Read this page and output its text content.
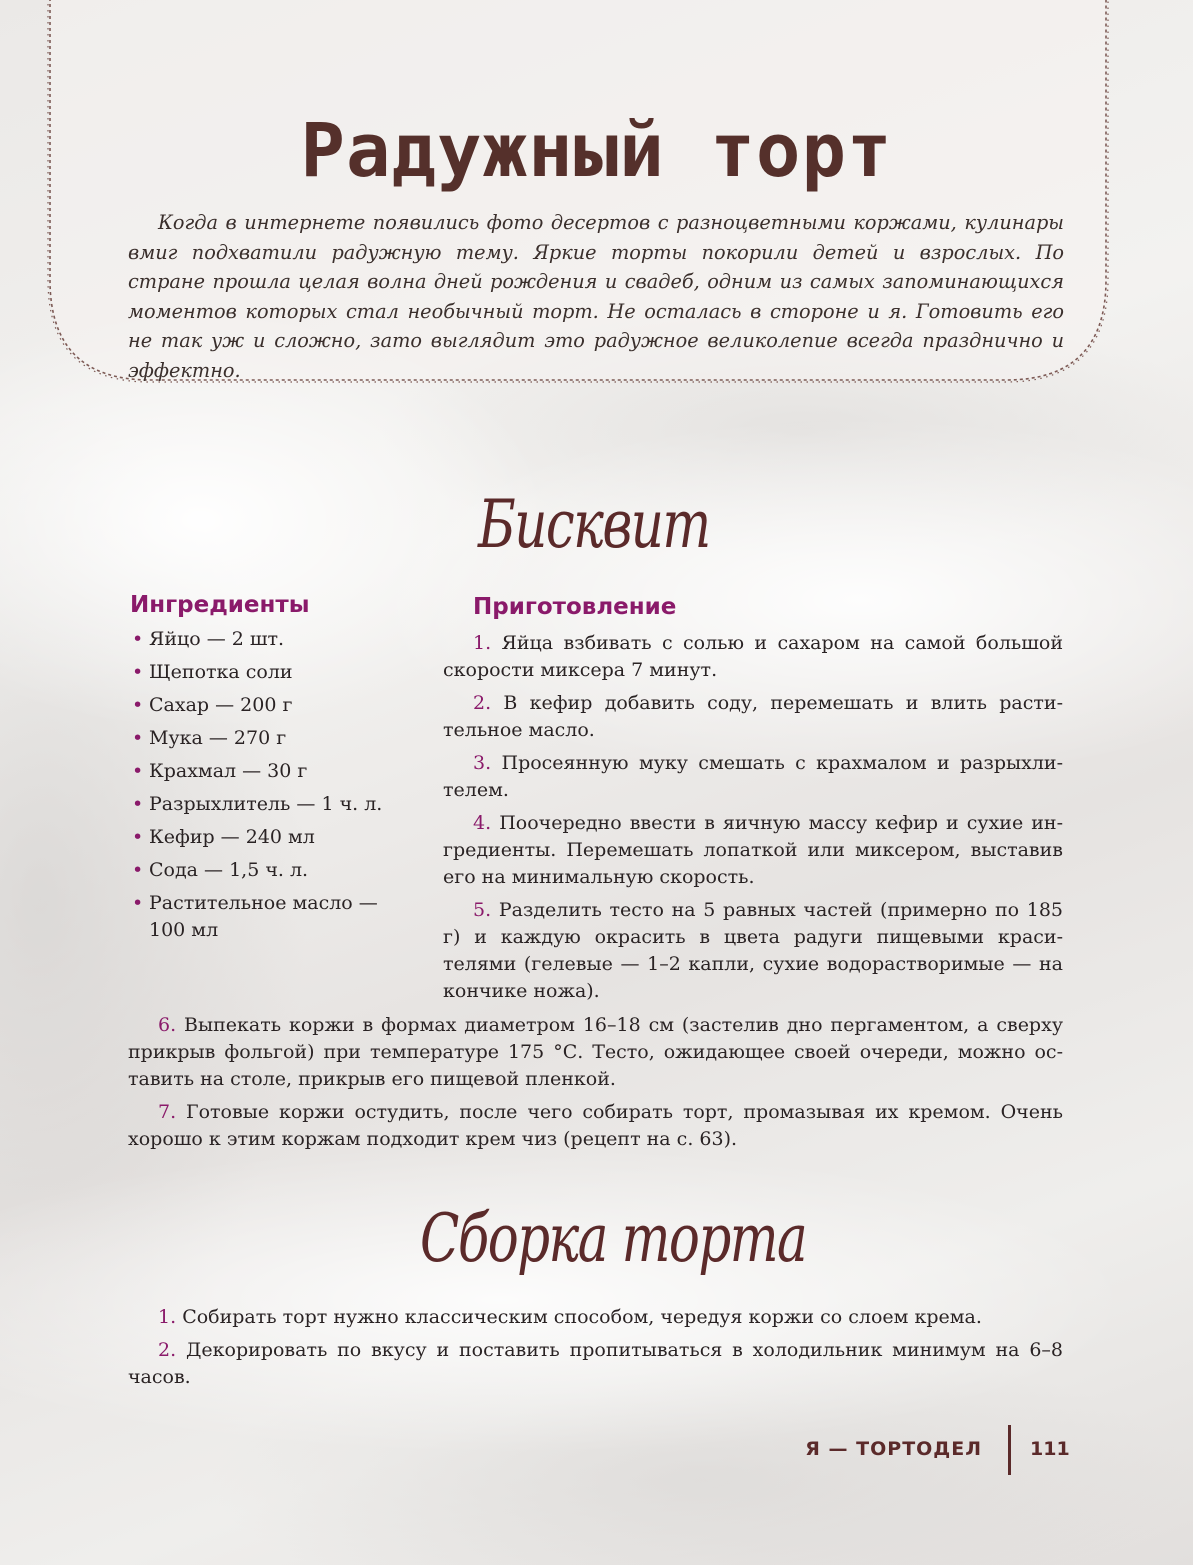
Радужный торт

Когда в интернете появились фото десертов с разноцветными коржами, кулинары вмиг подхватили радужную тему. Яркие торты покорили детей и взрослых. По стране прошла целая волна дней рождения и свадеб, одним из самых запоминающихся моментов которых стал необычный торт. Не осталась в стороне и я. Готовить его не так уж и сложно, зато выглядит это радужное великолепие всегда празднично и эффектно.

Бисквит
Ингредиенты
• Яйцо — 2 шт.
• Щепотка соли
• Сахар — 200 г
• Мука — 270 г
• Крахмал — 30 г
• Разрыхлитель — 1 ч. л.
• Кефир — 240 мл
• Сода — 1,5 ч. л.
• Растительное масло — 100 мл
Приготовление

1. Яйца взбивать с солью и сахаром на самой большой скорости миксера 7 минут.

2. В кефир добавить соду, перемешать и влить растительное масло.

3. Просеянную муку смешать с крахмалом и разрыхлителем.

4. Поочередно ввести в яичную массу кефир и сухие ингредиенты. Перемешать лопаткой или миксером, выставив его на минимальную скорость.

5. Разделить тесто на 5 равных частей (примерно по 185 г) и каждую окрасить в цвета радуги пищевыми красителями (гелевые — 1–2 капли, сухие водорастворимые — на кончике ножа).

6. Выпекать коржи в формах диаметром 16–18 см (застелив дно пергаментом, а сверху прикрыв фольгой) при температуре 175 °С. Тесто, ожидающее своей очереди, можно оставить на столе, прикрыв его пищевой пленкой.

7. Готовые коржи остудить, после чего собирать торт, промазывая их кремом. Очень хорошо к этим коржам подходит крем чиз (рецепт на с. 63).

Сборка торта

1. Собирать торт нужно классическим способом, чередуя коржи со слоем крема.

2. Декорировать по вкусу и поставить пропитываться в холодильник минимум на 6–8 часов.

Я — ТОРТОДЕЛ	111
